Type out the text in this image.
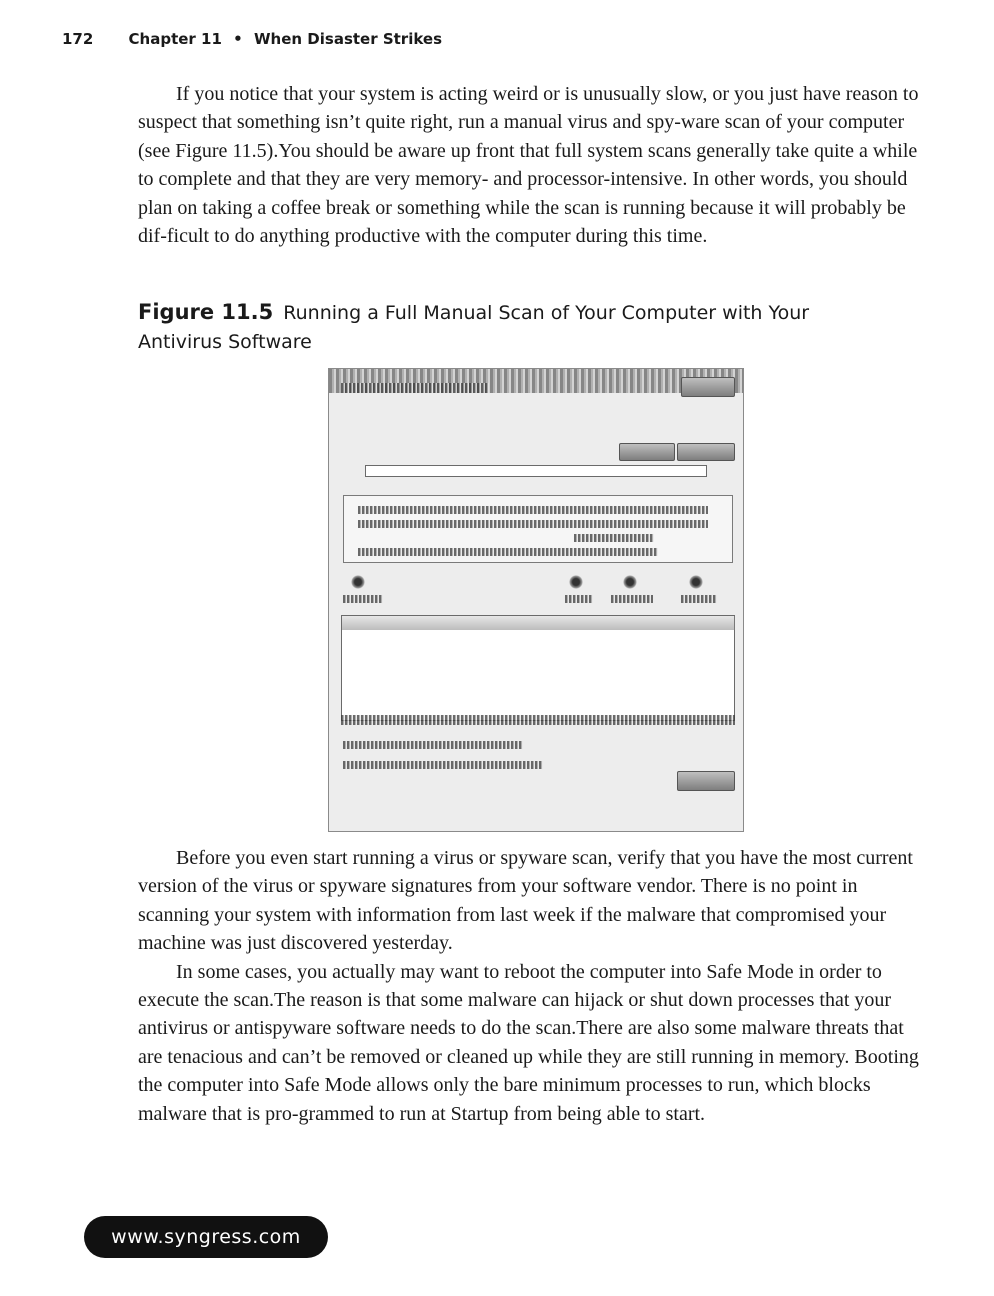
172 Chapter 11 • When Disaster Strikes

If you notice that your system is acting weird or is unusually slow, or you just have reason to suspect that something isn’t quite right, run a manual virus and spy-ware scan of your computer (see Figure 11.5).You should be aware up front that full system scans generally take quite a while to complete and that they are very memory- and processor-intensive. In other words, you should plan on taking a coffee break or something while the scan is running because it will probably be dif-ficult to do anything productive with the computer during this time.

Figure 11.5 Running a Full Manual Scan of Your Computer with Your Antivirus Software

Before you even start running a virus or spyware scan, verify that you have the most current version of the virus or spyware signatures from your software vendor. There is no point in scanning your system with information from last week if the malware that compromised your machine was just discovered yesterday.

In some cases, you actually may want to reboot the computer into Safe Mode in order to execute the scan.The reason is that some malware can hijack or shut down processes that your antivirus or antispyware software needs to do the scan.There are also some malware threats that are tenacious and can’t be removed or cleaned up while they are still running in memory. Booting the computer into Safe Mode allows only the bare minimum processes to run, which blocks malware that is pro-grammed to run at Startup from being able to start.

www.syngress.com
